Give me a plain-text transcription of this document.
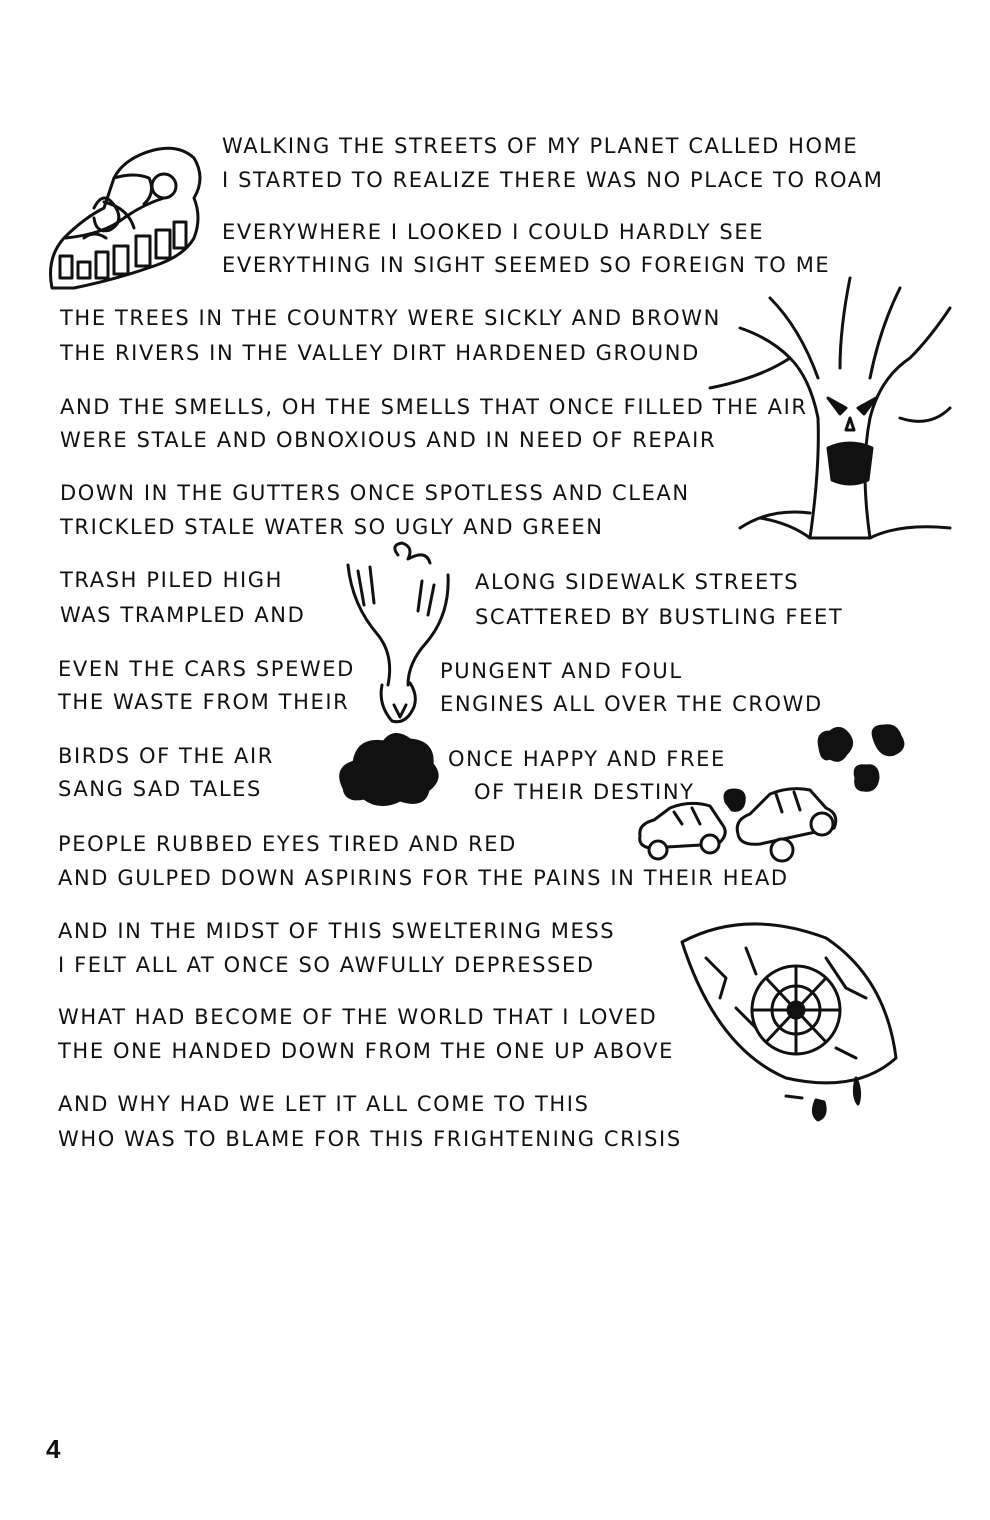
WALKING THE STREETS OF MY PLANET CALLED HOME
I STARTED TO REALIZE THERE WAS NO PLACE TO ROAM
EVERYWHERE I LOOKED I COULD HARDLY SEE
EVERYTHING IN SIGHT SEEMED SO FOREIGN TO ME
THE TREES IN THE COUNTRY WERE SICKLY AND BROWN
THE RIVERS IN THE VALLEY DIRT HARDENED GROUND
AND THE SMELLS, OH THE SMELLS THAT ONCE FILLED THE AIR
WERE STALE AND OBNOXIOUS AND IN NEED OF REPAIR
DOWN IN THE GUTTERS ONCE SPOTLESS AND CLEAN
TRICKLED STALE WATER SO UGLY AND GREEN
TRASH PILED HIGH	ALONG SIDEWALK STREETS
WAS TRAMPLED AND	SCATTERED BY BUSTLING FEET
EVEN THE CARS SPEWED	PUNGENT AND FOUL
THE WASTE FROM THEIR	ENGINES ALL OVER THE CROWD
BIRDS OF THE AIR	ONCE HAPPY AND FREE
SANG SAD TALES	OF THEIR DESTINY
PEOPLE RUBBED EYES TIRED AND RED
AND GULPED DOWN ASPIRINS FOR THE PAINS IN THEIR HEAD
AND IN THE MIDST OF THIS SWELTERING MESS
I FELT ALL AT ONCE SO AWFULLY DEPRESSED
WHAT HAD BECOME OF THE WORLD THAT I LOVED
THE ONE HANDED DOWN FROM THE ONE UP ABOVE
AND WHY HAD WE LET IT ALL COME TO THIS
WHO WAS TO BLAME FOR THIS FRIGHTENING CRISIS
4
